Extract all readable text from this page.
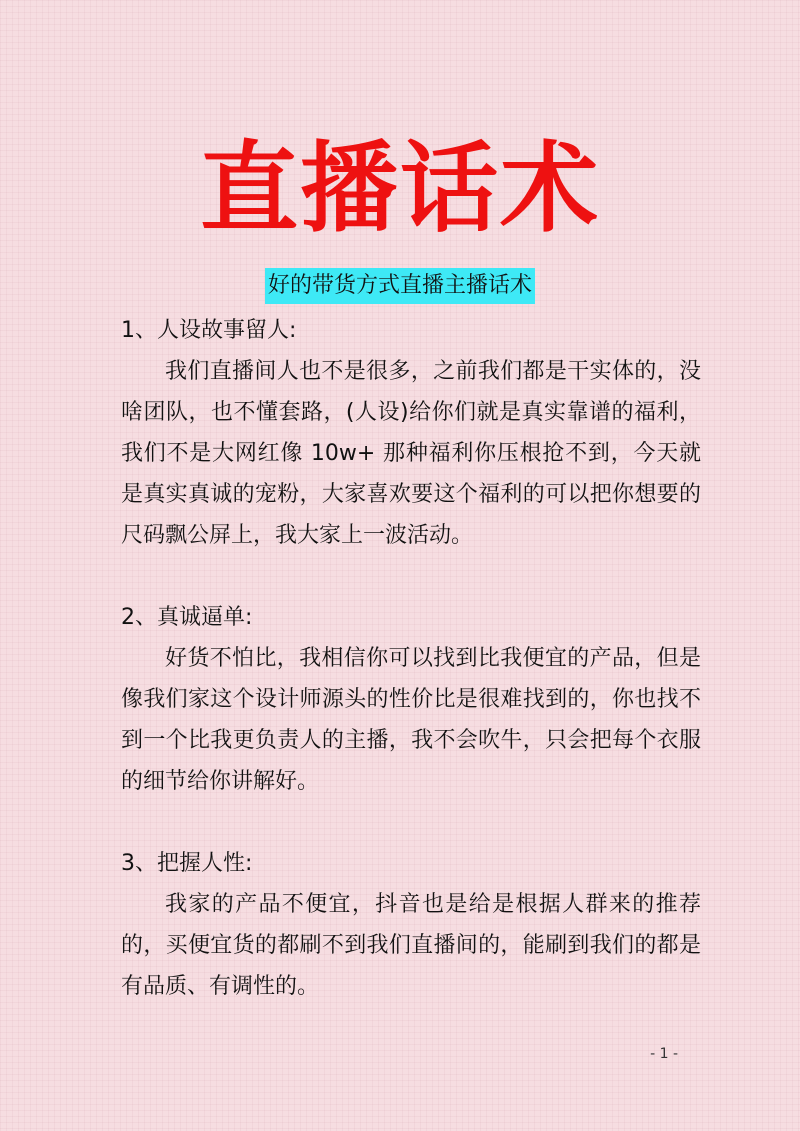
直播话术
好的带货方式直播主播话术

1、人设故事留人:

我们直播间人也不是很多，之前我们都是干实体的，没啥团队，也不懂套路，(人设)给你们就是真实靠谱的福利，我们不是大网红像 10w+ 那种福利你压根抢不到，今天就是真实真诚的宠粉，大家喜欢要这个福利的可以把你想要的尺码飘公屏上，我大家上一波活动。

2、真诚逼单:

好货不怕比，我相信你可以找到比我便宜的产品，但是像我们家这个设计师源头的性价比是很难找到的，你也找不到一个比我更负责人的主播，我不会吹牛，只会把每个衣服的细节给你讲解好。

3、把握人性:

我家的产品不便宜，抖音也是给是根据人群来的推荐的，买便宜货的都刷不到我们直播间的，能刷到我们的都是有品质、有调性的。

- 1 -
